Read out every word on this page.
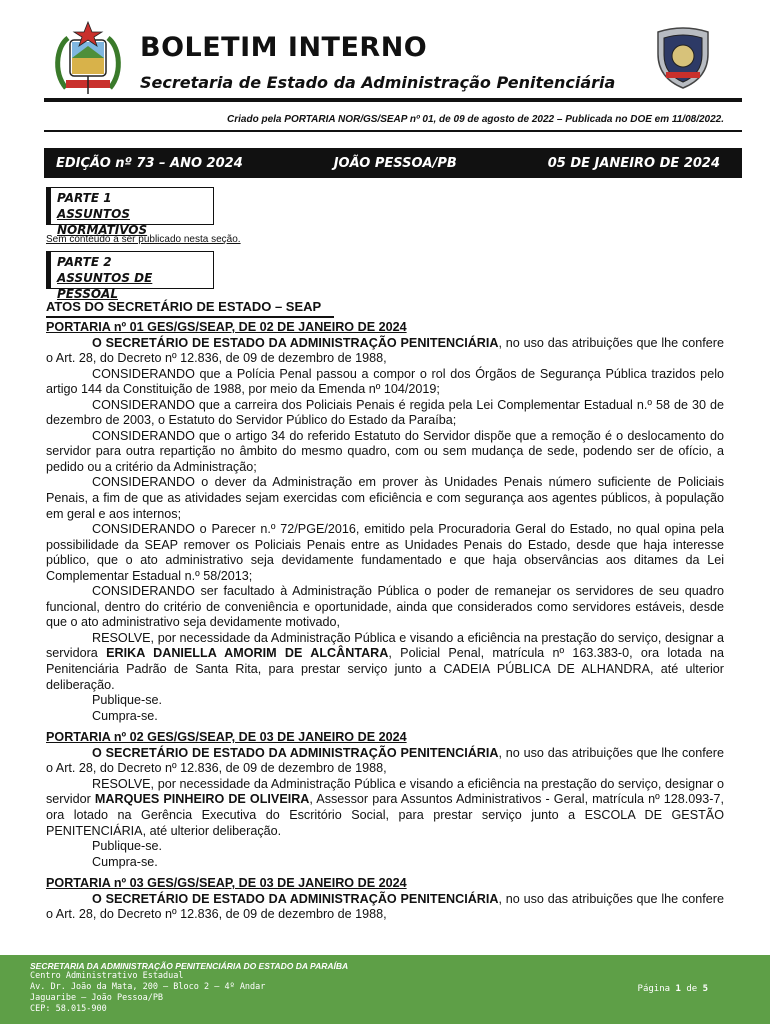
BOLETIM INTERNO
Secretaria de Estado da Administração Penitenciária
Criado pela PORTARIA NOR/GS/SEAP nº 01, de 09 de agosto de 2022 – Publicada no DOE em 11/08/2022.
EDIÇÃO nº 73 – ANO 2024	JOÃO PESSOA/PB	05 DE JANEIRO DE 2024
PARTE 1
ASSUNTOS NORMATIVOS
Sem conteúdo a ser publicado nesta seção.
PARTE 2
ASSUNTOS DE PESSOAL
ATOS DO SECRETÁRIO DE ESTADO – SEAP
PORTARIA nº 01 GES/GS/SEAP, DE 02 DE JANEIRO DE 2024

O SECRETÁRIO DE ESTADO DA ADMINISTRAÇÃO PENITENCIÁRIA, no uso das atribuições que lhe confere o Art. 28, do Decreto nº 12.836, de 09 de dezembro de 1988,

CONSIDERANDO que a Polícia Penal passou a compor o rol dos Órgãos de Segurança Pública trazidos pelo artigo 144 da Constituição de 1988, por meio da Emenda nº 104/2019;

CONSIDERANDO que a carreira dos Policiais Penais é regida pela Lei Complementar Estadual n.º 58 de 30 de dezembro de 2003, o Estatuto do Servidor Público do Estado da Paraíba;

CONSIDERANDO que o artigo 34 do referido Estatuto do Servidor dispõe que a remoção é o deslocamento do servidor para outra repartição no âmbito do mesmo quadro, com ou sem mudança de sede, podendo ser de ofício, a pedido ou a critério da Administração;

CONSIDERANDO o dever da Administração em prover às Unidades Penais número suficiente de Policiais Penais, a fim de que as atividades sejam exercidas com eficiência e com segurança aos agentes públicos, à população em geral e aos internos;

CONSIDERANDO o Parecer n.º 72/PGE/2016, emitido pela Procuradoria Geral do Estado, no qual opina pela possibilidade da SEAP remover os Policiais Penais entre as Unidades Penais do Estado, desde que haja interesse público, que o ato administrativo seja devidamente fundamentado e que haja observâncias aos ditames da Lei Complementar Estadual n.º 58/2013;

CONSIDERANDO ser facultado à Administração Pública o poder de remanejar os servidores de seu quadro funcional, dentro do critério de conveniência e oportunidade, ainda que considerados como servidores estáveis, desde que o ato administrativo seja devidamente motivado,

RESOLVE, por necessidade da Administração Pública e visando a eficiência na prestação do serviço, designar a servidora ERIKA DANIELLA AMORIM DE ALCÂNTARA, Policial Penal, matrícula nº 163.383-0, ora lotada na Penitenciária Padrão de Santa Rita, para prestar serviço junto a CADEIA PÚBLICA DE ALHANDRA, até ulterior deliberação.

Publique-se.

Cumpra-se.

PORTARIA nº 02 GES/GS/SEAP, DE 03 DE JANEIRO DE 2024

O SECRETÁRIO DE ESTADO DA ADMINISTRAÇÃO PENITENCIÁRIA, no uso das atribuições que lhe confere o Art. 28, do Decreto nº 12.836, de 09 de dezembro de 1988,

RESOLVE, por necessidade da Administração Pública e visando a eficiência na prestação do serviço, designar o servidor MARQUES PINHEIRO DE OLIVEIRA, Assessor para Assuntos Administrativos - Geral, matrícula nº 128.093-7, ora lotado na Gerência Executiva do Escritório Social, para prestar serviço junto a ESCOLA DE GESTÃO PENITENCIÁRIA, até ulterior deliberação.

Publique-se.

Cumpra-se.

PORTARIA nº 03 GES/GS/SEAP, DE 03 DE JANEIRO DE 2024

O SECRETÁRIO DE ESTADO DA ADMINISTRAÇÃO PENITENCIÁRIA, no uso das atribuições que lhe confere o Art. 28, do Decreto nº 12.836, de 09 de dezembro de 1988,

SECRETARIA DA ADMINISTRAÇÃO PENITENCIÁRIA DO ESTADO DA PARAÍBA
Centro Administrativo Estadual
Av. Dr. João da Mata, 200 – Bloco 2 – 4º Andar
Jaguaribe – João Pessoa/PB
CEP: 58.015-900
Página 1 de 5
